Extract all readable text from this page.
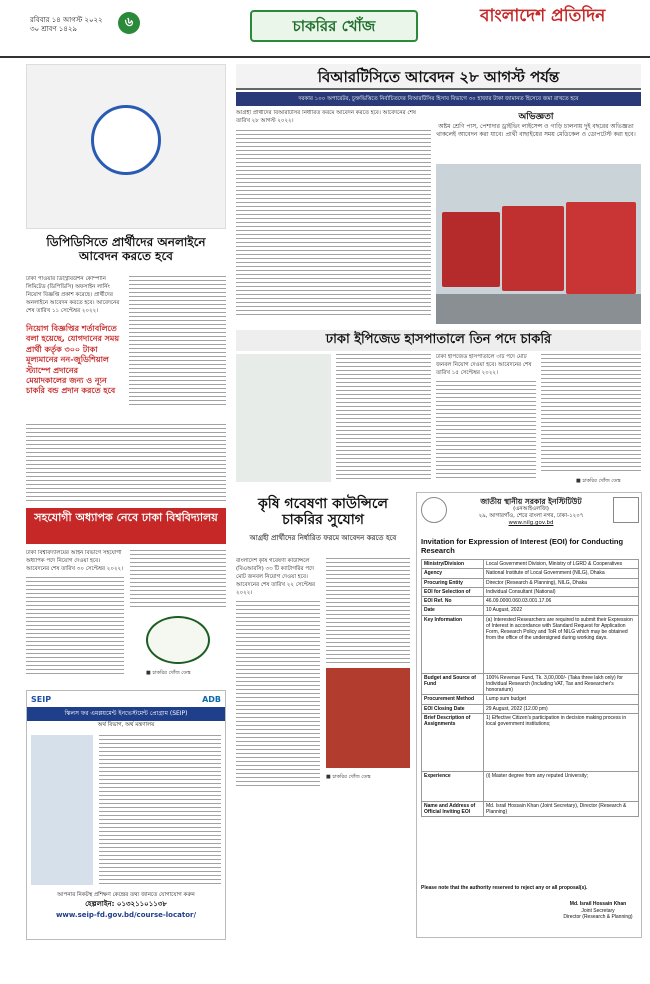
রবিবার ১৪ আগস্ট ২০২২
৩০ শ্রাবণ ১৪২৯	৬	চাকরির খোঁজ	বাংলাদেশ প্রতিদিন
ডিপিডিসিতে প্রার্থীদের অনলাইনে আবেদন করতে হবে
ঢাকা পাওয়ার ডিস্ট্রিবিউশন কোম্পানি লিমিটেড (ডিপিডিসি) অফসাইন লার্নিং নিয়োগ বিজ্ঞপ্তি প্রকাশ করেছে। প্রার্থীদের অনলাইনে আবেদন করতে হবে। আবেদনের শেষ তারিখ ১১ সেপ্টেম্বর ২০২২।
নিয়োগ বিজ্ঞপ্তির শর্তাবলিতে বলা হয়েছে, যোগদানের সময় প্রার্থী কর্তৃক ৩০০ টাকা মূল্যমানের নন-জুডিশিয়াল স্ট্যাম্পে প্রদানের মেয়াদকালের জন্য ও ন্যূন চাকরি বন্ড প্রদান করতে হবে
বিআরটিসিতে আবেদন ২৮ আগস্ট পর্যন্ত
দরকার ১০০ অপারেটর, চুক্তভিত্তিতে নির্বাচিতদের বিআরটিসির হিসাব বিভাগে ৩০ হাজার টাকা জামানত হিসেবে জমা রাখতে হবে
আগ্রহী প্রার্থীদের বিআরটিসির নির্ধারিত ফরমে আবেদন করতে হবে। আবেদনের শেষ তারিখ ২৮ আগস্ট ২০২২।	অভিজ্ঞতা
অষ্টম শ্রেণি পাস, পেশাদার ড্রাইভিং লাইসেন্স ও গাড়ি চালনায় দুই বছরের অভিজ্ঞতা থাকলেই আবেদন করা যাবে। প্রার্থী বাছাইয়ের সময় মেডিকেল ও ডোপটেস্ট করা হবে।
ঢাকা ইপিজেড হাসপাতালে তিন পদে চাকরি
ঢাকা ইপিজেড হাসপাতালে ৩টি পদে মোট জনবল নিয়োগ দেওয়া হবে। আবেদনের শেষ তারিখ ১৫ সেপ্টেম্বর ২০২২।
■ চাকরির খোঁজ ডেস্ক
সহযোগী অধ্যাপক নেবে ঢাকা বিশ্ববিদ্যালয়
ঢাকা বিশ্ববিদ্যালয়ের আইন বিভাগে সহযোগী অধ্যাপক পদে নিয়োগ দেওয়া হবে। আবেদনের শেষ তারিখ ৩০ সেপ্টেম্বর ২০২২।
■ চাকরির খোঁজ ডেস্ক
কৃষি গবেষণা কাউন্সিলে চাকরির সুযোগ
আগ্রহী প্রার্থীদের নির্ধারিত ফরমে আবেদন করতে হবে
বাংলাদেশ কৃষি গবেষণা কাউন্সিলে (বিএআরসি) ৩৩ টি ক্যাটাগরির পদে মোট জনবল নিয়োগ দেওয়া হবে। আবেদনের শেষ তারিখ ২২ সেপ্টেম্বর ২০২২।
■ চাকরির খোঁজ ডেস্ক
SEIP	ADB
স্কিলস ফর এমপ্লয়মেন্ট ইনভেস্টমেন্ট প্রোগ্রাম (SEIP)
অর্থ বিভাগ, অর্থ মন্ত্রণালয়
আপনার নিকটস্থ প্রশিক্ষণ কেন্দ্রের তথ্য জানতে যোগাযোগ করুন
হেল্পলাইন: ০১৩২১১০১১৩৮
www.seip-fd.gov.bd/course-locator/
জাতীয় স্থানীয় সরকার ইনস্টিটিউট
(এনআইএলজি)
২৯, আগারগাঁও, শেরে বাংলা নগর, ঢাকা-১২০৭
www.nilg.gov.bd
Invitation for Expression of Interest (EOI) for Conducting Research
Ministry/Division	Local Government Division, Ministry of LGRD & Cooperatives
Agency	National Institute of Local Government (NILG), Dhaka
Procuring Entity	Director (Research & Planning), NILG, Dhaka
EOI for Selection of	Individual Consultant (National)
EOI Ref. No	46.09.0000.060.03.001.17.06
Date	10 August, 2022
Key Information	(a) Interested Researchers are required to submit their Expression of Interest in accordance with Standard Request for Application Form, Research Policy and ToR of NILG which may be obtained from the office of the undersigned during working days.
Budget and Source of Fund	100% Revenue Fund, Tk. 3,00,000/- (Taka three lakh only) for Individual Research (Including VAT, Tax and Researcher's honorarium)
Procurement Method	Lump sum budget
EOI Closing Date	29 August, 2022 (12.00 pm)
Brief Description of Assignments	1) Effective Citizen's participation in decision making process in local government institutions;
Experience	(i) Master degree from any reputed University;
Name and Address of Official Inviting EOI	Md. Israil Hossain Khan (Joint Secretary), Director (Research & Planning)
Please note that the authority reserved to reject any or all proposal(s).
Md. Israil Hossain Khan
Joint Secretary
Director (Research & Planning)
